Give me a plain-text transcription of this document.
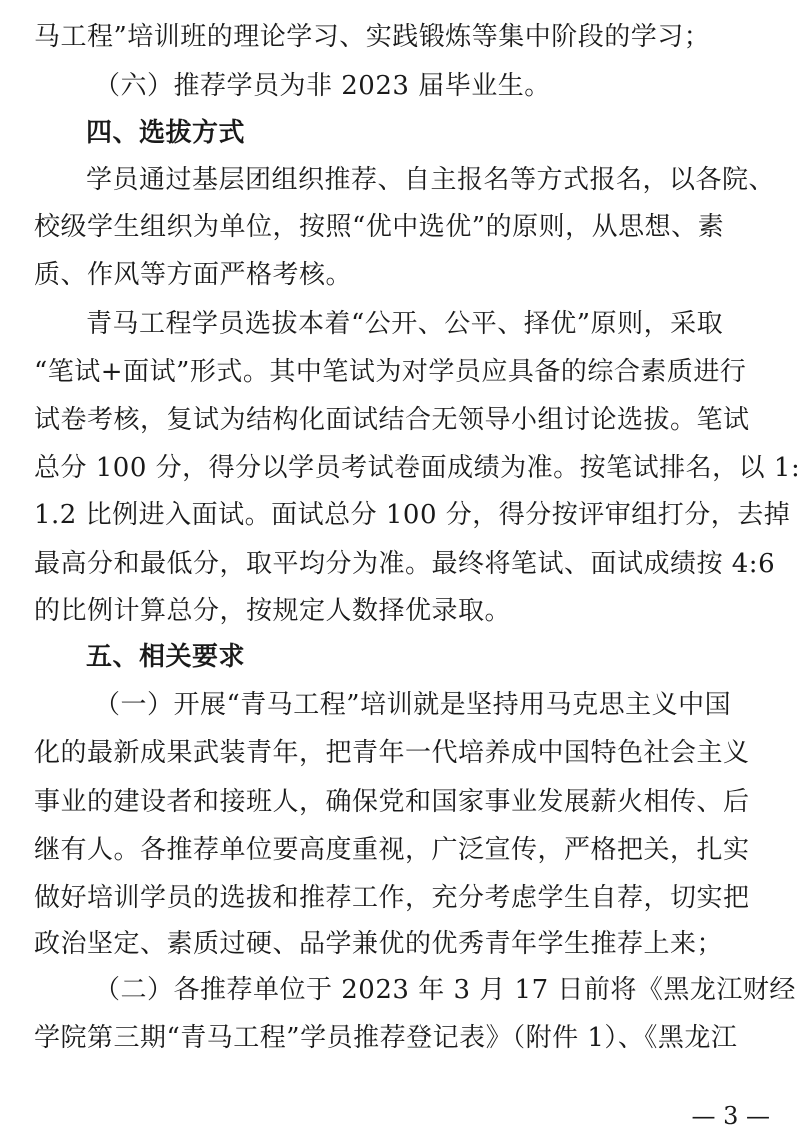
马工程”培训班的理论学习、实践锻炼等集中阶段的学习；
（六）推荐学员为非 2023 届毕业生。
四、选拔方式
学员通过基层团组织推荐、自主报名等方式报名，以各院、
校级学生组织为单位，按照“优中选优”的原则，从思想、素
质、作风等方面严格考核。
青马工程学员选拔本着“公开、公平、择优”原则，采取
“笔试+面试”形式。其中笔试为对学员应具备的综合素质进行
试卷考核，复试为结构化面试结合无领导小组讨论选拔。笔试
总分 100 分，得分以学员考试卷面成绩为准。按笔试排名，以 1:
1.2 比例进入面试。面试总分 100 分，得分按评审组打分，去掉
最高分和最低分，取平均分为准。最终将笔试、面试成绩按 4:6
的比例计算总分，按规定人数择优录取。
五、相关要求
（一）开展“青马工程”培训就是坚持用马克思主义中国
化的最新成果武装青年，把青年一代培养成中国特色社会主义
事业的建设者和接班人，确保党和国家事业发展薪火相传、后
继有人。各推荐单位要高度重视，广泛宣传，严格把关，扎实
做好培训学员的选拔和推荐工作，充分考虑学生自荐，切实把
政治坚定、素质过硬、品学兼优的优秀青年学生推荐上来；
（二）各推荐单位于 2023 年 3 月 17 日前将《黑龙江财经
学院第三期“青马工程”学员推荐登记表》（附件 1）、《黑龙江
— 3 —
